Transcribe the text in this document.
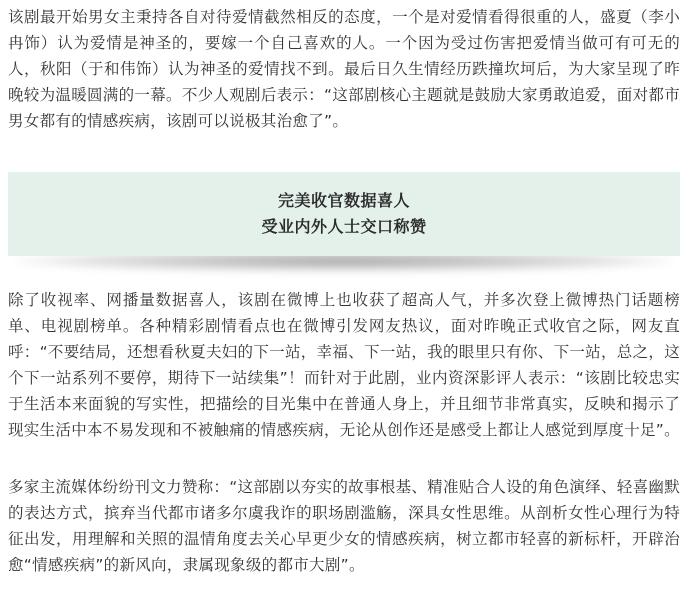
该剧最开始男女主秉持各自对待爱情截然相反的态度，一个是对爱情看得很重的人，盛夏（李小冉饰）认为爱情是神圣的，要嫁一个自己喜欢的人。一个因为受过伤害把爱情当做可有可无的人，秋阳（于和伟饰）认为神圣的爱情找不到。最后日久生情经历跌撞坎坷后，为大家呈现了昨晚较为温暖圆满的一幕。不少人观剧后表示：“这部剧核心主题就是鼓励大家勇敢追爱，面对都市男女都有的情感疾病，该剧可以说极其治愈了”。

完美收官数据喜人
受业内外人士交口称赞

除了收视率、网播量数据喜人，该剧在微博上也收获了超高人气，并多次登上微博热门话题榜单、电视剧榜单。各种精彩剧情看点也在微博引发网友热议，面对昨晚正式收官之际，网友直呼：“不要结局，还想看秋夏夫妇的下一站，幸福、下一站，我的眼里只有你、下一站，总之，这个下一站系列不要停，期待下一站续集”！而针对于此剧，业内资深影评人表示：“该剧比较忠实于生活本来面貌的写实性，把描绘的目光集中在普通人身上，并且细节非常真实，反映和揭示了现实生活中本不易发现和不被触痛的情感疾病，无论从创作还是感受上都让人感觉到厚度十足”。

多家主流媒体纷纷刊文力赞称：“这部剧以夯实的故事根基、精准贴合人设的角色演绎、轻喜幽默的表达方式，摈弃当代都市诸多尔虞我诈的职场剧滥觞，深具女性思维。从剖析女性心理行为特征出发，用理解和关照的温情角度去关心早更少女的情感疾病，树立都市轻喜的新标杆，开辟治愈“情感疾病”的新风向，隶属现象级的都市大剧”。
